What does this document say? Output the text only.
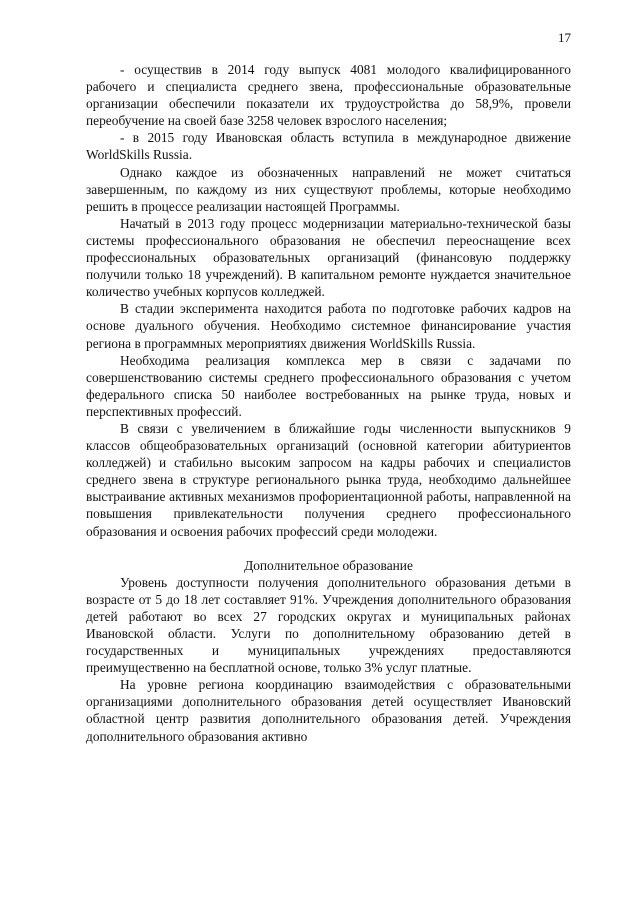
17

- осуществив в 2014 году выпуск 4081 молодого квалифицированного рабочего и специалиста среднего звена, профессиональные образовательные организации обеспечили показатели их трудоустройства до 58,9%, провели переобучение на своей базе 3258 человек взрослого населения;

- в 2015 году Ивановская область вступила в международное движение WorldSkills Russia.

Однако каждое из обозначенных направлений не может считаться завершенным, по каждому из них существуют проблемы, которые необходимо решить в процессе реализации настоящей Программы.

Начатый в 2013 году процесс модернизации материально-технической базы системы профессионального образования не обеспечил переоснащение всех профессиональных образовательных организаций (финансовую поддержку получили только 18 учреждений). В капитальном ремонте нуждается значительное количество учебных корпусов колледжей.

В стадии эксперимента находится работа по подготовке рабочих кадров на основе дуального обучения. Необходимо системное финансирование участия региона в программных мероприятиях движения WorldSkills Russia.

Необходима реализация комплекса мер в связи с задачами по совершенствованию системы среднего профессионального образования с учетом федерального списка 50 наиболее востребованных на рынке труда, новых и перспективных профессий.

В связи с увеличением в ближайшие годы численности выпускников 9 классов общеобразовательных организаций (основной категории абитуриентов колледжей) и стабильно высоким запросом на кадры рабочих и специалистов среднего звена в структуре регионального рынка труда, необходимо дальнейшее выстраивание активных механизмов профориентационной работы, направленной на повышения привлекательности получения среднего профессионального образования и освоения рабочих профессий среди молодежи.

Дополнительное образование

Уровень доступности получения дополнительного образования детьми в возрасте от 5 до 18 лет составляет 91%. Учреждения дополнительного образования детей работают во всех 27 городских округах и муниципальных районах Ивановской области. Услуги по дополнительному образованию детей в государственных и муниципальных учреждениях предоставляются преимущественно на бесплатной основе, только 3% услуг платные.

На уровне региона координацию взаимодействия с образовательными организациями дополнительного образования детей осуществляет Ивановский областной центр развития дополнительного образования детей. Учреждения дополнительного образования активно
